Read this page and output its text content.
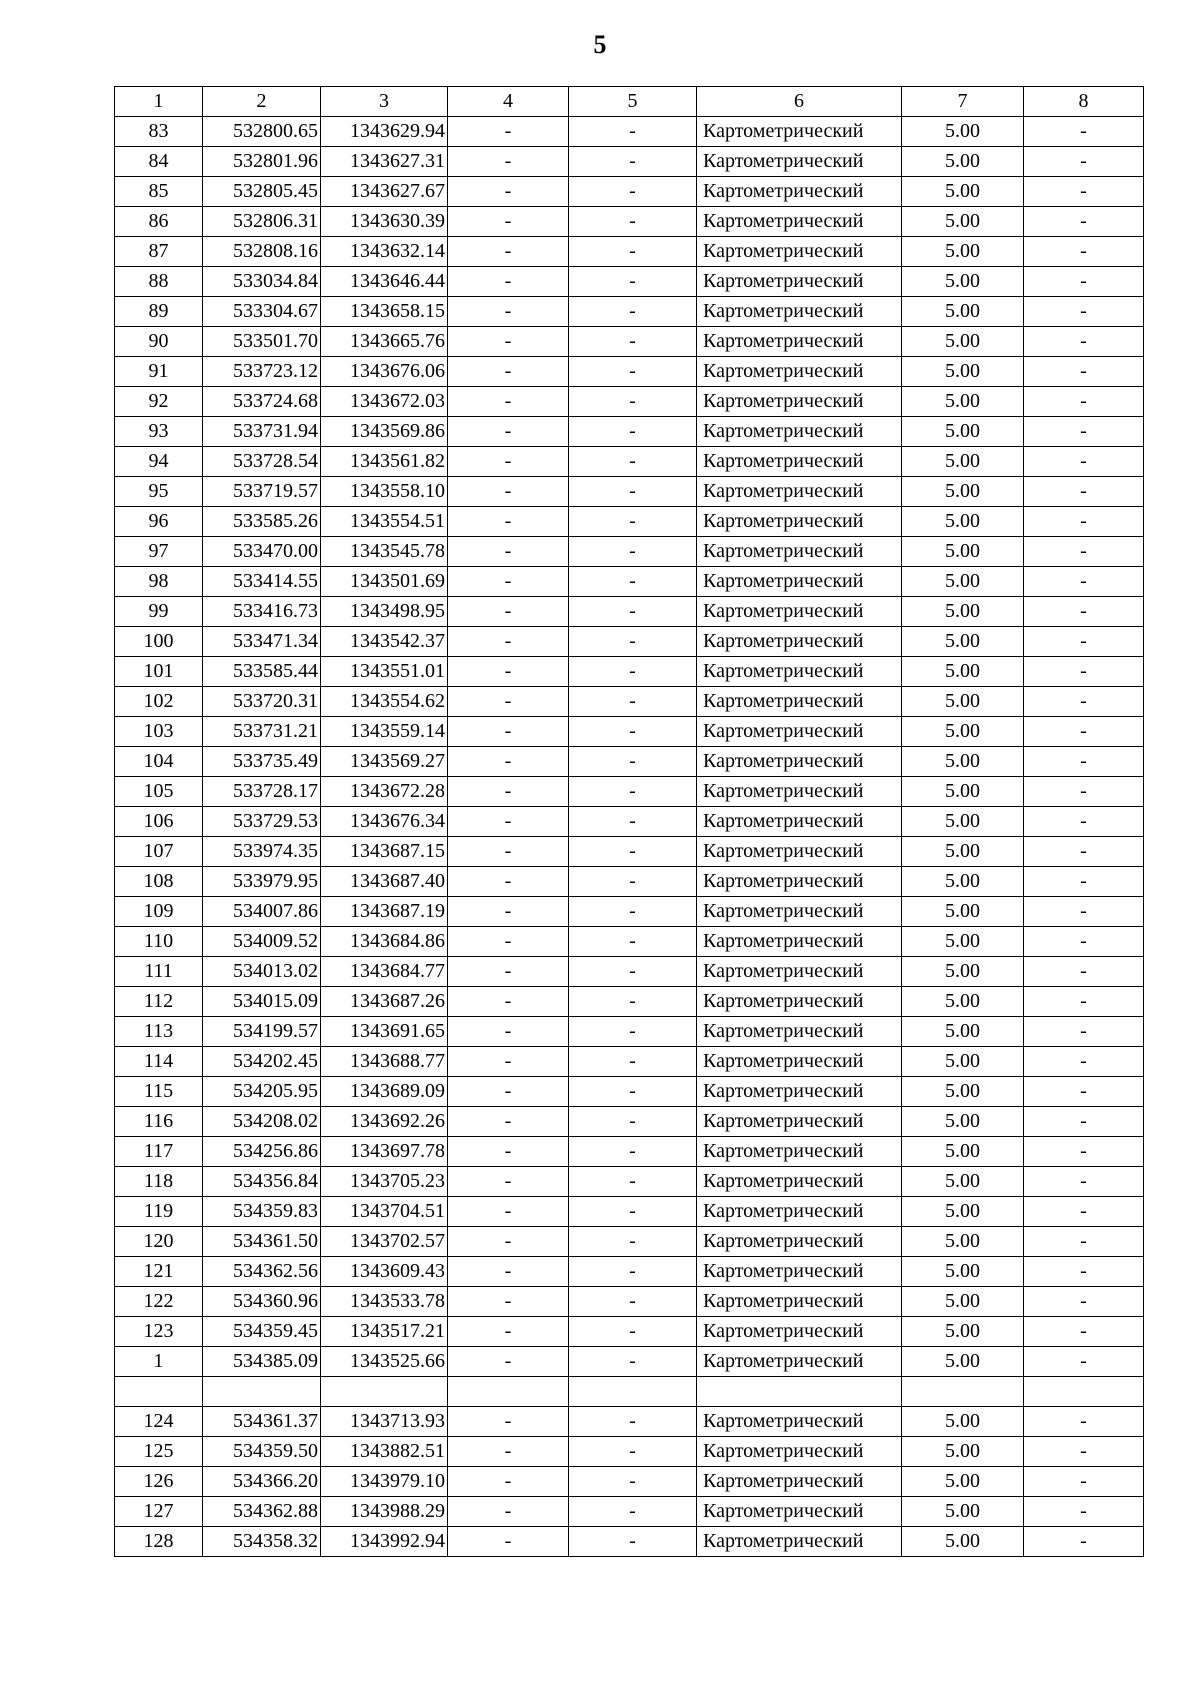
5
1	2	3	4	5	6	7	8
83	532800.65	1343629.94	-	-	Картометрический	5.00	-
84	532801.96	1343627.31	-	-	Картометрический	5.00	-
85	532805.45	1343627.67	-	-	Картометрический	5.00	-
86	532806.31	1343630.39	-	-	Картометрический	5.00	-
87	532808.16	1343632.14	-	-	Картометрический	5.00	-
88	533034.84	1343646.44	-	-	Картометрический	5.00	-
89	533304.67	1343658.15	-	-	Картометрический	5.00	-
90	533501.70	1343665.76	-	-	Картометрический	5.00	-
91	533723.12	1343676.06	-	-	Картометрический	5.00	-
92	533724.68	1343672.03	-	-	Картометрический	5.00	-
93	533731.94	1343569.86	-	-	Картометрический	5.00	-
94	533728.54	1343561.82	-	-	Картометрический	5.00	-
95	533719.57	1343558.10	-	-	Картометрический	5.00	-
96	533585.26	1343554.51	-	-	Картометрический	5.00	-
97	533470.00	1343545.78	-	-	Картометрический	5.00	-
98	533414.55	1343501.69	-	-	Картометрический	5.00	-
99	533416.73	1343498.95	-	-	Картометрический	5.00	-
100	533471.34	1343542.37	-	-	Картометрический	5.00	-
101	533585.44	1343551.01	-	-	Картометрический	5.00	-
102	533720.31	1343554.62	-	-	Картометрический	5.00	-
103	533731.21	1343559.14	-	-	Картометрический	5.00	-
104	533735.49	1343569.27	-	-	Картометрический	5.00	-
105	533728.17	1343672.28	-	-	Картометрический	5.00	-
106	533729.53	1343676.34	-	-	Картометрический	5.00	-
107	533974.35	1343687.15	-	-	Картометрический	5.00	-
108	533979.95	1343687.40	-	-	Картометрический	5.00	-
109	534007.86	1343687.19	-	-	Картометрический	5.00	-
110	534009.52	1343684.86	-	-	Картометрический	5.00	-
111	534013.02	1343684.77	-	-	Картометрический	5.00	-
112	534015.09	1343687.26	-	-	Картометрический	5.00	-
113	534199.57	1343691.65	-	-	Картометрический	5.00	-
114	534202.45	1343688.77	-	-	Картометрический	5.00	-
115	534205.95	1343689.09	-	-	Картометрический	5.00	-
116	534208.02	1343692.26	-	-	Картометрический	5.00	-
117	534256.86	1343697.78	-	-	Картометрический	5.00	-
118	534356.84	1343705.23	-	-	Картометрический	5.00	-
119	534359.83	1343704.51	-	-	Картометрический	5.00	-
120	534361.50	1343702.57	-	-	Картометрический	5.00	-
121	534362.56	1343609.43	-	-	Картометрический	5.00	-
122	534360.96	1343533.78	-	-	Картометрический	5.00	-
123	534359.45	1343517.21	-	-	Картометрический	5.00	-
1	534385.09	1343525.66	-	-	Картометрический	5.00	-

124	534361.37	1343713.93	-	-	Картометрический	5.00	-
125	534359.50	1343882.51	-	-	Картометрический	5.00	-
126	534366.20	1343979.10	-	-	Картометрический	5.00	-
127	534362.88	1343988.29	-	-	Картометрический	5.00	-
128	534358.32	1343992.94	-	-	Картометрический	5.00	-
